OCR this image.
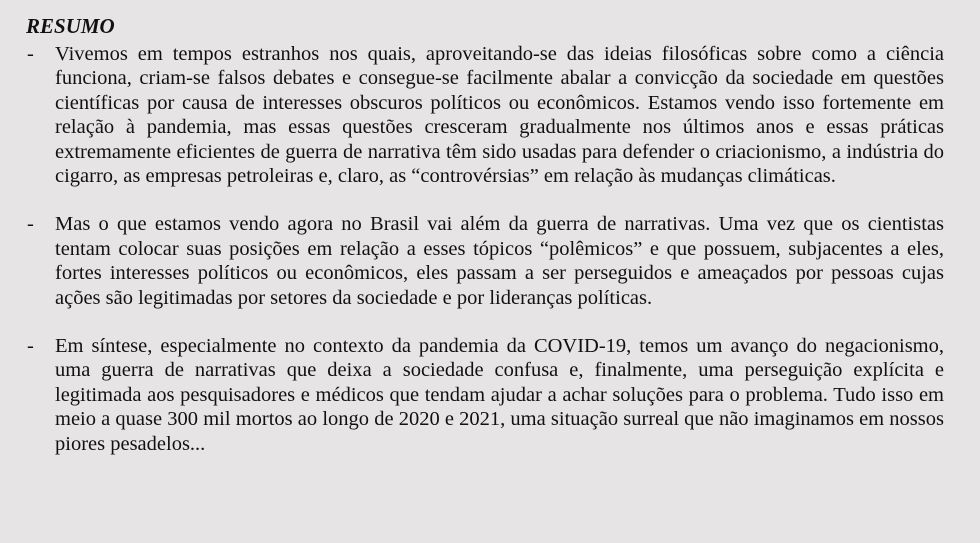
RESUMO
- Vivemos em tempos estranhos nos quais, aproveitando-se das ideias filosóficas sobre como a ciência funciona, criam-se falsos debates e consegue-se facilmente abalar a convicção da sociedade em questões científicas por causa de interesses obscuros políticos ou econômicos. Estamos vendo isso fortemente em relação à pandemia, mas essas questões cresceram gradualmente nos últimos anos e essas práticas extremamente eficientes de guerra de narrativa têm sido usadas para defender o criacionismo, a indústria do cigarro, as empresas petroleiras e, claro, as “controvérsias” em relação às mudanças climáticas.
- Mas o que estamos vendo agora no Brasil vai além da guerra de narrativas. Uma vez que os cientistas tentam colocar suas posições em relação a esses tópicos “polêmicos” e que possuem, subjacentes a eles, fortes interesses políticos ou econômicos, eles passam a ser perseguidos e ameaçados por pessoas cujas ações são legitimadas por setores da sociedade e por lideranças políticas.
- Em síntese, especialmente no contexto da pandemia da COVID-19, temos um avanço do negacionismo, uma guerra de narrativas que deixa a sociedade confusa e, finalmente, uma perseguição explícita e legitimada aos pesquisadores e médicos que tendam ajudar a achar soluções para o problema. Tudo isso em meio a quase 300 mil mortos ao longo de 2020 e 2021, uma situação surreal que não imaginamos em nossos piores pesadelos...
